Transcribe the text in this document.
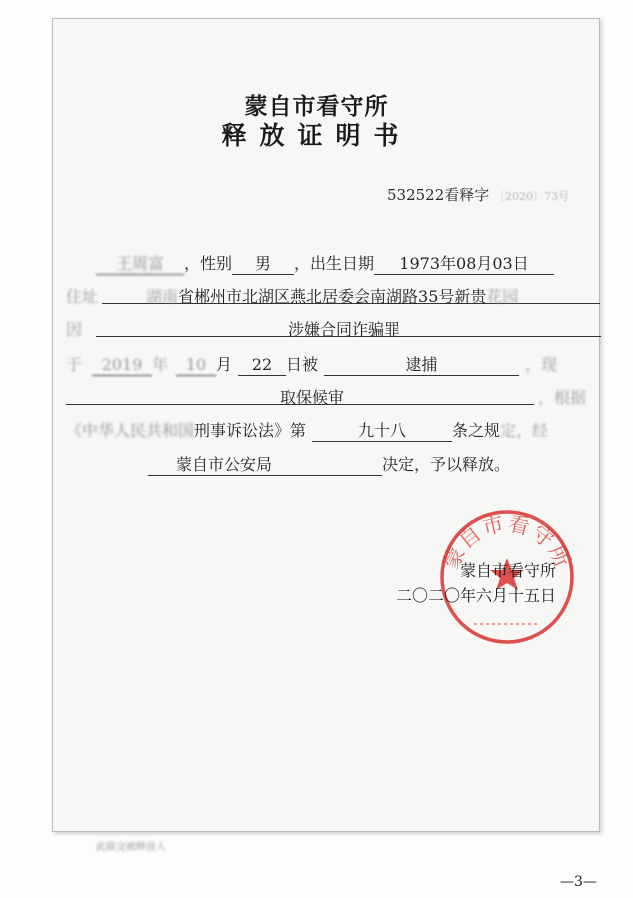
蒙自市看守所
释放证明书
532522看释字 〔2020〕73号
王周富 ，性别 男 ，出生日期 1973年08月03日
住址	湖南省郴州市北湖区燕北居委会南湖路35号新贵花园
因	涉嫌合同诈骗罪
于 2019 年 10 月 22 日被	逮捕	，现
取保候审	，根据
《中华人民共和国刑事诉讼法》第	九十八	条之规定，经
蒙自市公安局	决定，予以释放。
蒙自市看守所
蒙自市看守所
二〇二〇年六月十五日
此联交被释放人
—3—
